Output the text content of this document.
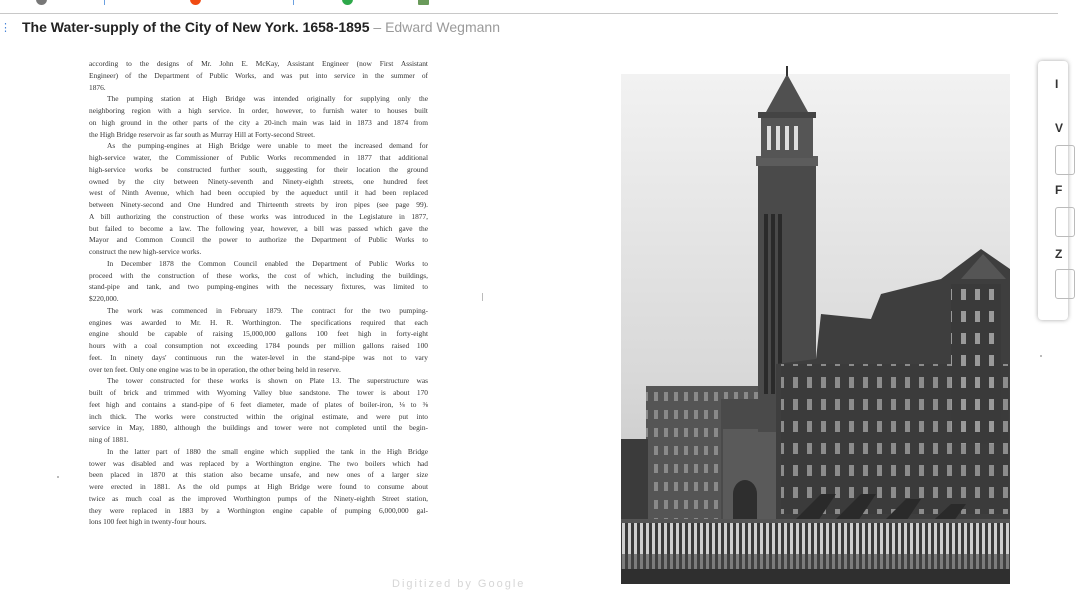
⋮ The Water-supply of the City of New York. 1658-1895 – Edward Wegmann
according to the designs of Mr. John E. McKay, Assistant Engineer (now First Assistant
Engineer) of the Department of Public Works, and was put into service in the summer of
1876.
The pumping station at High Bridge was intended originally for supplying only the
neighboring region with a high service. In order, however, to furnish water to houses built
on high ground in the other parts of the city a 20-inch main was laid in 1873 and 1874 from
the High Bridge reservoir as far south as Murray Hill at Forty-second Street.
As the pumping-engines at High Bridge were unable to meet the increased demand for
high-service water, the Commissioner of Public Works recommended in 1877 that additional
high-service works be constructed further south, suggesting for their location the ground
owned by the city between Ninety-seventh and Ninety-eighth streets, one hundred feet
west of Ninth Avenue, which had been occupied by the aqueduct until it had been replaced
between Ninety-second and One Hundred and Thirteenth streets by iron pipes (see page 99).
A bill authorizing the construction of these works was introduced in the Legislature in 1877,
but failed to become a law. The following year, however, a bill was passed which gave the
Mayor and Common Council the power to authorize the Department of Public Works to
construct the new high-service works.
In December 1878 the Common Council enabled the Department of Public Works to
proceed with the construction of these works, the cost of which, including the buildings,
stand-pipe and tank, and two pumping-engines with the necessary fixtures, was limited to
$220,000.
The work was commenced in February 1879. The contract for the two pumping-
engines was awarded to Mr. H. R. Worthington. The specifications required that each
engine should be capable of raising 15,000,000 gallons 100 feet high in forty-eight
hours with a coal consumption not exceeding 1784 pounds per million gallons raised 100
feet. In ninety days' continuous run the water-level in the stand-pipe was not to vary
over ten feet. Only one engine was to be in operation, the other being held in reserve.
The tower constructed for these works is shown on Plate 13. The superstructure was
built of brick and trimmed with Wyoming Valley blue sandstone. The tower is about 170
feet high and contains a stand-pipe of 6 feet diameter, made of plates of boiler-iron, ⅛ to ⅜
inch thick. The works were constructed within the original estimate, and were put into
service in May, 1880, although the buildings and tower were not completed until the begin-
ning of 1881.
In the latter part of 1880 the small engine which supplied the tank in the High Bridge
tower was disabled and was replaced by a Worthington engine. The two boilers which had
been placed in 1870 at this station also became unsafe, and new ones of a larger size
were erected in 1881. As the old pumps at High Bridge were found to consume about
twice as much coal as the improved Worthington pumps of the Ninety-eighth Street station,
they were replaced in 1883 by a Worthington engine capable of pumping 6,000,000 gal-
lons 100 feet high in twenty-four hours.
Digitized by Google
I
V
F
Z
